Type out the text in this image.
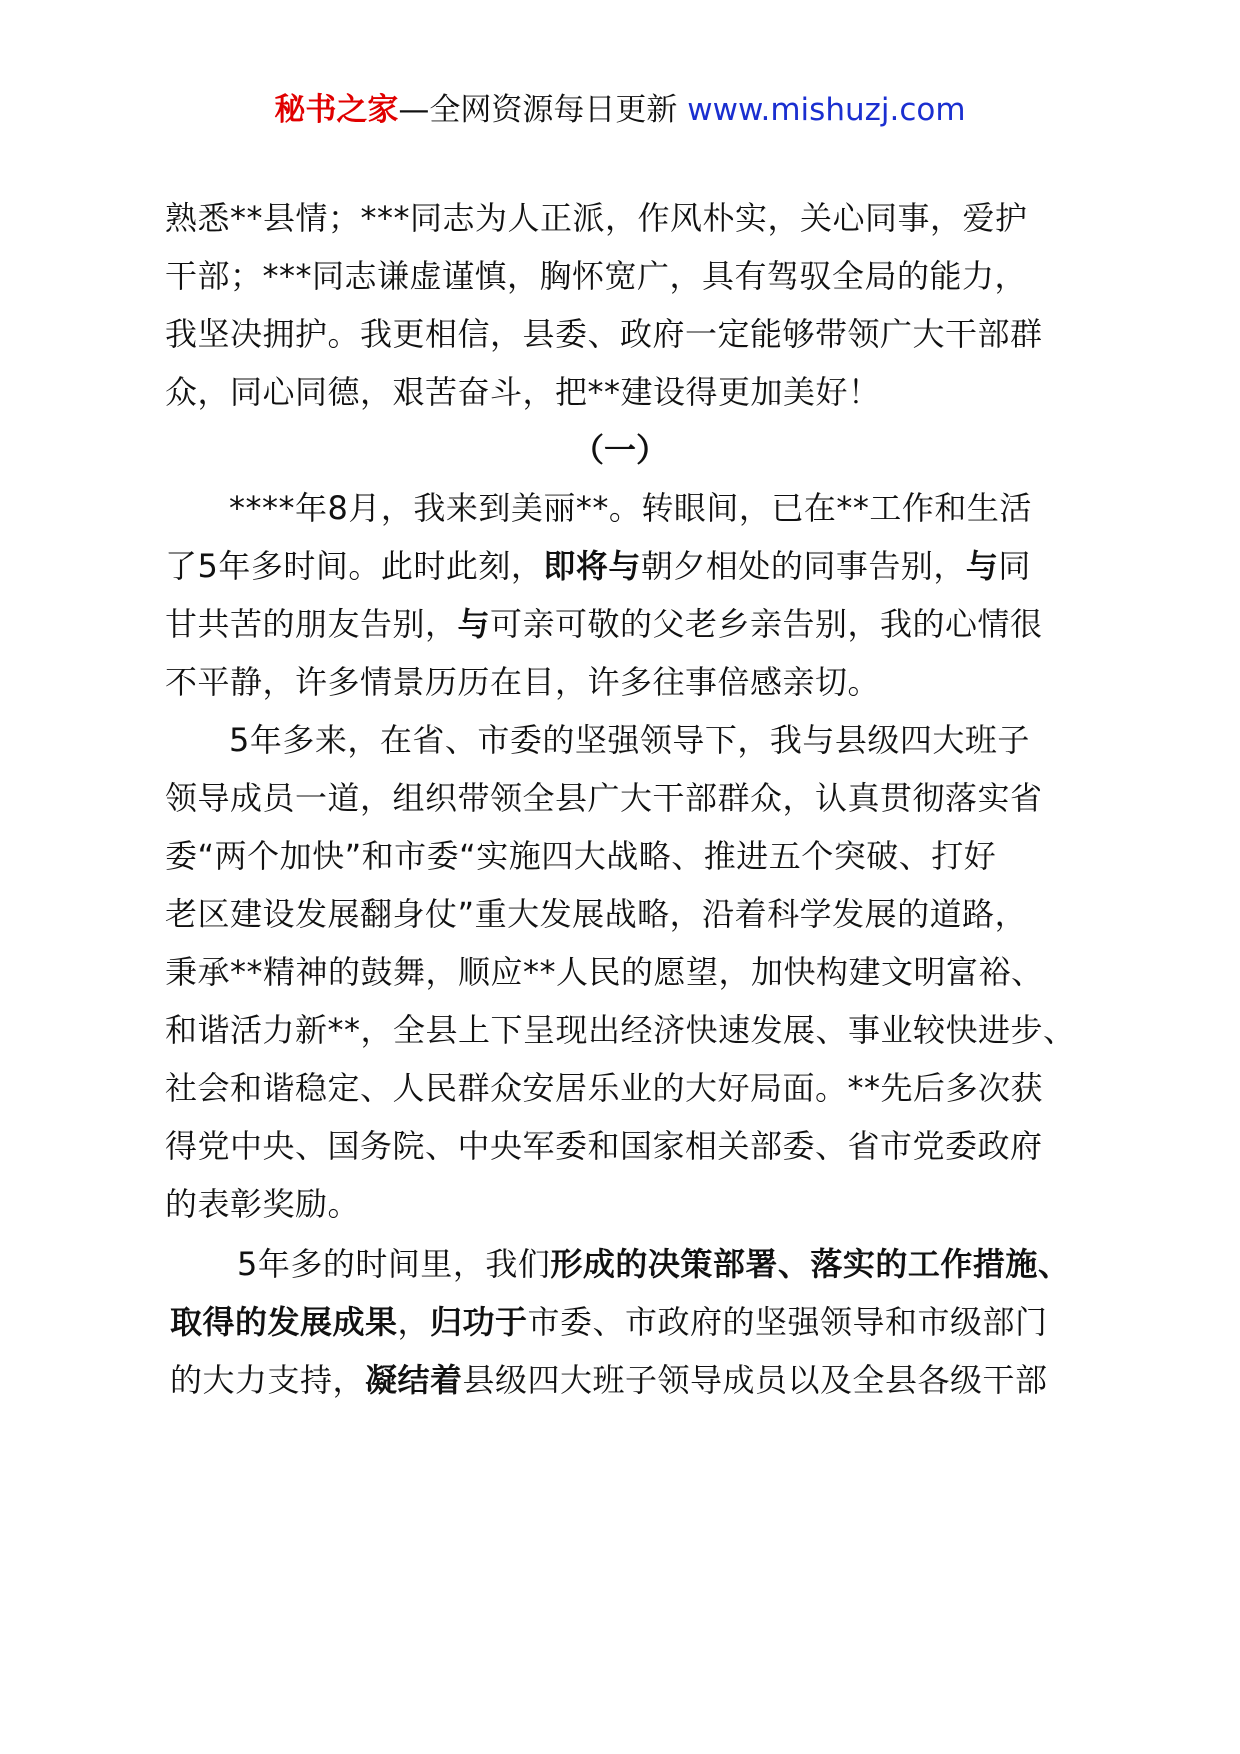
秘书之家—全网资源每日更新 www.mishuzj.com
熟悉**县情；***同志为人正派，作风朴实，关心同事，爱护
干部；***同志谦虚谨慎，胸怀宽广，具有驾驭全局的能力，
我坚决拥护。我更相信，县委、政府一定能够带领广大干部群
众，同心同德，艰苦奋斗，把**建设得更加美好！
（一）
****年8月，我来到美丽**。转眼间，已在**工作和生活
了5年多时间。此时此刻，即将与朝夕相处的同事告别，与同
甘共苦的朋友告别，与可亲可敬的父老乡亲告别，我的心情很
不平静，许多情景历历在目，许多往事倍感亲切。
5年多来，在省、市委的坚强领导下，我与县级四大班子
领导成员一道，组织带领全县广大干部群众，认真贯彻落实省
委“两个加快”和市委“实施四大战略、推进五个突破、打好
老区建设发展翻身仗”重大发展战略，沿着科学发展的道路，
秉承**精神的鼓舞，顺应**人民的愿望，加快构建文明富裕、
和谐活力新**，全县上下呈现出经济快速发展、事业较快进步、
社会和谐稳定、人民群众安居乐业的大好局面。**先后多次获
得党中央、国务院、中央军委和国家相关部委、省市党委政府
的表彰奖励。
5年多的时间里，我们形成的决策部署、落实的工作措施、
取得的发展成果，归功于市委、市政府的坚强领导和市级部门
的大力支持，凝结着县级四大班子领导成员以及全县各级干部
